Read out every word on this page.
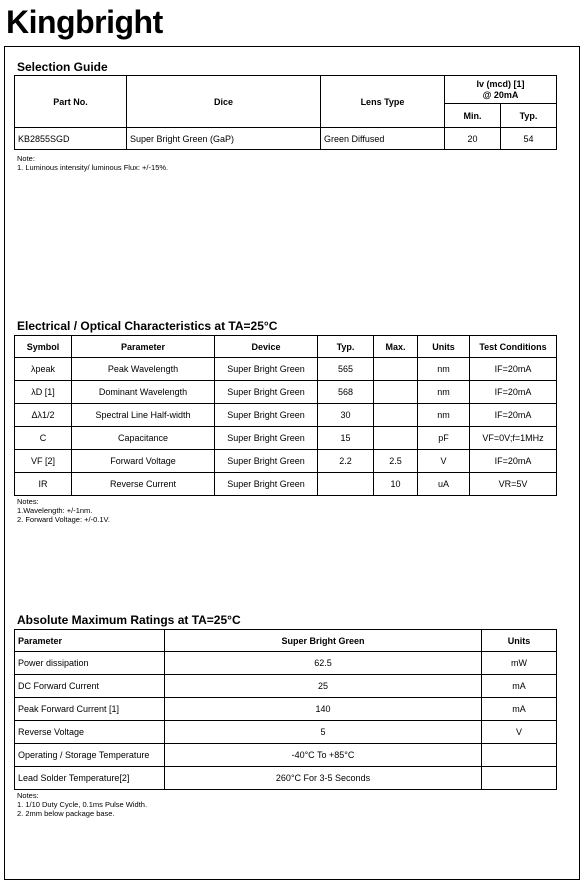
Kingbright
Selection Guide
Part No.	Dice	Lens Type	Iv (mcd) [1]
@ 20mA	

			Min.	Typ.
KB2855SGD	Super Bright Green (GaP)	Green Diffused	20	54
Note:
1. Luminous intensity/ luminous Flux: +/-15%.
Electrical / Optical Characteristics at TA=25°C
Symbol	Parameter	Device	Typ.	Max.	Units	Test Conditions
λpeak	Peak Wavelength	Super Bright Green	565		nm	IF=20mA
λD [1]	Dominant Wavelength	Super Bright Green	568		nm	IF=20mA
Δλ1/2	Spectral Line Half-width	Super Bright Green	30		nm	IF=20mA
C	Capacitance	Super Bright Green	15		pF	VF=0V;f=1MHz
VF [2]	Forward Voltage	Super Bright Green	2.2	2.5	V	IF=20mA
IR	Reverse Current	Super Bright Green		10	uA	VR=5V
Notes:
1.Wavelength: +/-1nm.
2. Forward Voltage: +/-0.1V.
Absolute Maximum Ratings at TA=25°C
Parameter	Super Bright Green	Units
Power dissipation	62.5	mW
DC Forward Current	25	mA
Peak Forward Current [1]	140	mA
Reverse Voltage	5	V
Operating / Storage Temperature	-40°C To +85°C	
Lead Solder Temperature[2]	260°C For 3-5 Seconds	
Notes:
1. 1/10 Duty Cycle, 0.1ms Pulse Width.
2. 2mm below package base.
